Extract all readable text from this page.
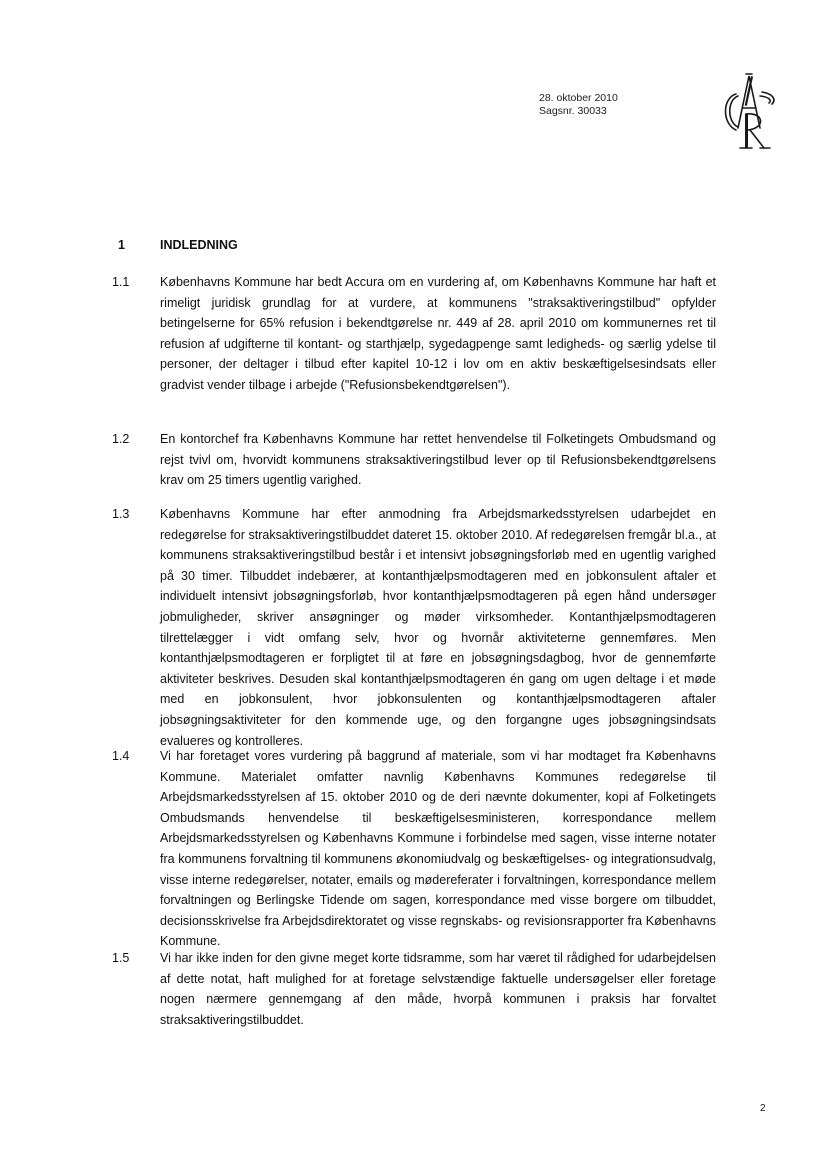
28. oktober 2010
Sagsnr. 30033
1	INDLEDNING
1.1 Københavns Kommune har bedt Accura om en vurdering af, om Københavns Kommune har haft et rimeligt juridisk grundlag for at vurdere, at kommunens "straksaktiveringstilbud" opfylder betingelserne for 65% refusion i bekendtgørelse nr. 449 af 28. april 2010 om kommunernes ret til refusion af udgifterne til kontant- og starthjælp, sygedagpenge samt ledigheds- og særlig ydelse til personer, der deltager i tilbud efter kapitel 10-12 i lov om en aktiv beskæftigelsesindsats eller gradvist vender tilbage i arbejde ("Refusionsbekendtgørelsen").
1.2 En kontorchef fra Københavns Kommune har rettet henvendelse til Folketingets Ombudsmand og rejst tvivl om, hvorvidt kommunens straksaktiveringstilbud lever op til Refusionsbekendtgørelsens krav om 25 timers ugentlig varighed.
1.3 Københavns Kommune har efter anmodning fra Arbejdsmarkedsstyrelsen udarbejdet en redegørelse for straksaktiveringstilbuddet dateret 15. oktober 2010. Af redegørelsen fremgår bl.a., at kommunens straksaktiveringstilbud består i et intensivt jobsøgningsforløb med en ugentlig varighed på 30 timer. Tilbuddet indebærer, at kontanthjælpsmodtageren med en jobkonsulent aftaler et individuelt intensivt jobsøgningsforløb, hvor kontanthjælpsmodtageren på egen hånd undersøger jobmuligheder, skriver ansøgninger og møder virksomheder. Kontanthjælpsmodtageren tilrettelægger i vidt omfang selv, hvor og hvornår aktiviteterne gennemføres. Men kontanthjælpsmodtageren er forpligtet til at føre en jobsøgningsdagbog, hvor de gennemførte aktiviteter beskrives. Desuden skal kontanthjælpsmodtageren én gang om ugen deltage i et møde med en jobkonsulent, hvor jobkonsulenten og kontanthjælpsmodtageren aftaler jobsøgningsaktiviteter for den kommende uge, og den forgangne uges jobsøgningsindsats evalueres og kontrolleres.
1.4 Vi har foretaget vores vurdering på baggrund af materiale, som vi har modtaget fra Københavns Kommune. Materialet omfatter navnlig Københavns Kommunes redegørelse til Arbejdsmarkedsstyrelsen af 15. oktober 2010 og de deri nævnte dokumenter, kopi af Folketingets Ombudsmands henvendelse til beskæftigelsesministeren, korrespondance mellem Arbejdsmarkedsstyrelsen og Københavns Kommune i forbindelse med sagen, visse interne notater fra kommunens forvaltning til kommunens økonomiudvalg og beskæftigelses- og integrationsudvalg, visse interne redegørelser, notater, emails og mødereferater i forvaltningen, korrespondance mellem forvaltningen og Berlingske Tidende om sagen, korrespondance med visse borgere om tilbuddet, decisionsskrivelse fra Arbejdsdirektoratet og visse regnskabs- og revisionsrapporter fra Københavns Kommune.
1.5 Vi har ikke inden for den givne meget korte tidsramme, som har været til rådighed for udarbejdelsen af dette notat, haft mulighed for at foretage selvstændige faktuelle undersøgelser eller foretage nogen nærmere gennemgang af den måde, hvorpå kommunen i praksis har forvaltet straksaktiveringstilbuddet.
2
